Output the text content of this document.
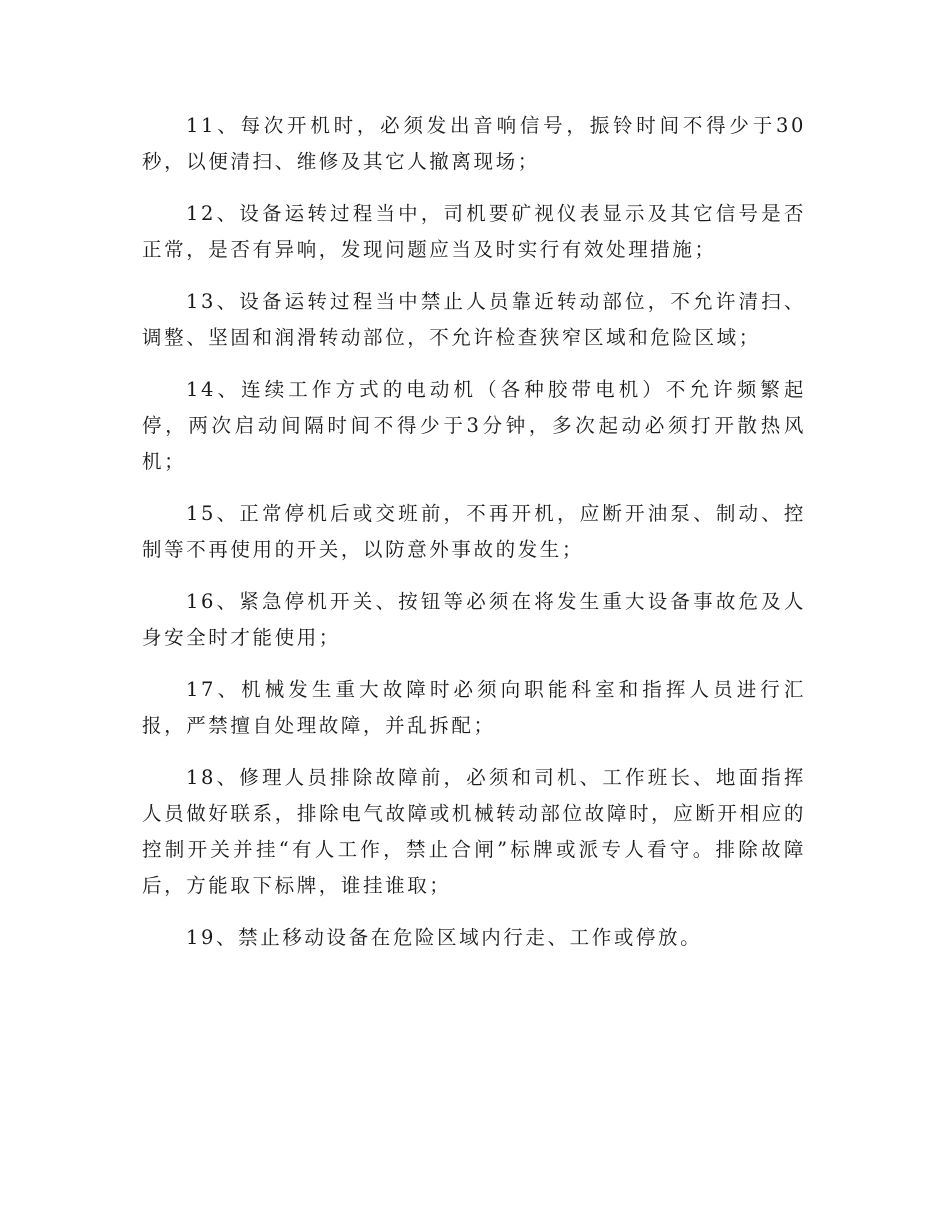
11、每次开机时，必须发出音响信号，振铃时间不得少于30秒，以便清扫、维修及其它人撤离现场；

12、设备运转过程当中，司机要矿视仪表显示及其它信号是否正常，是否有异响，发现问题应当及时实行有效处理措施；

13、设备运转过程当中禁止人员靠近转动部位，不允许清扫、调整、坚固和润滑转动部位，不允许检查狭窄区域和危险区域；

14、连续工作方式的电动机（各种胶带电机）不允许频繁起停，两次启动间隔时间不得少于3分钟，多次起动必须打开散热风机；

15、正常停机后或交班前，不再开机，应断开油泵、制动、控制等不再使用的开关，以防意外事故的发生；

16、紧急停机开关、按钮等必须在将发生重大设备事故危及人身安全时才能使用；

17、机械发生重大故障时必须向职能科室和指挥人员进行汇报，严禁擅自处理故障，并乱拆配；

18、修理人员排除故障前，必须和司机、工作班长、地面指挥人员做好联系，排除电气故障或机械转动部位故障时，应断开相应的控制开关并挂“有人工作，禁止合闸”标牌或派专人看守。排除故障后，方能取下标牌，谁挂谁取；

19、禁止移动设备在危险区域内行走、工作或停放。
